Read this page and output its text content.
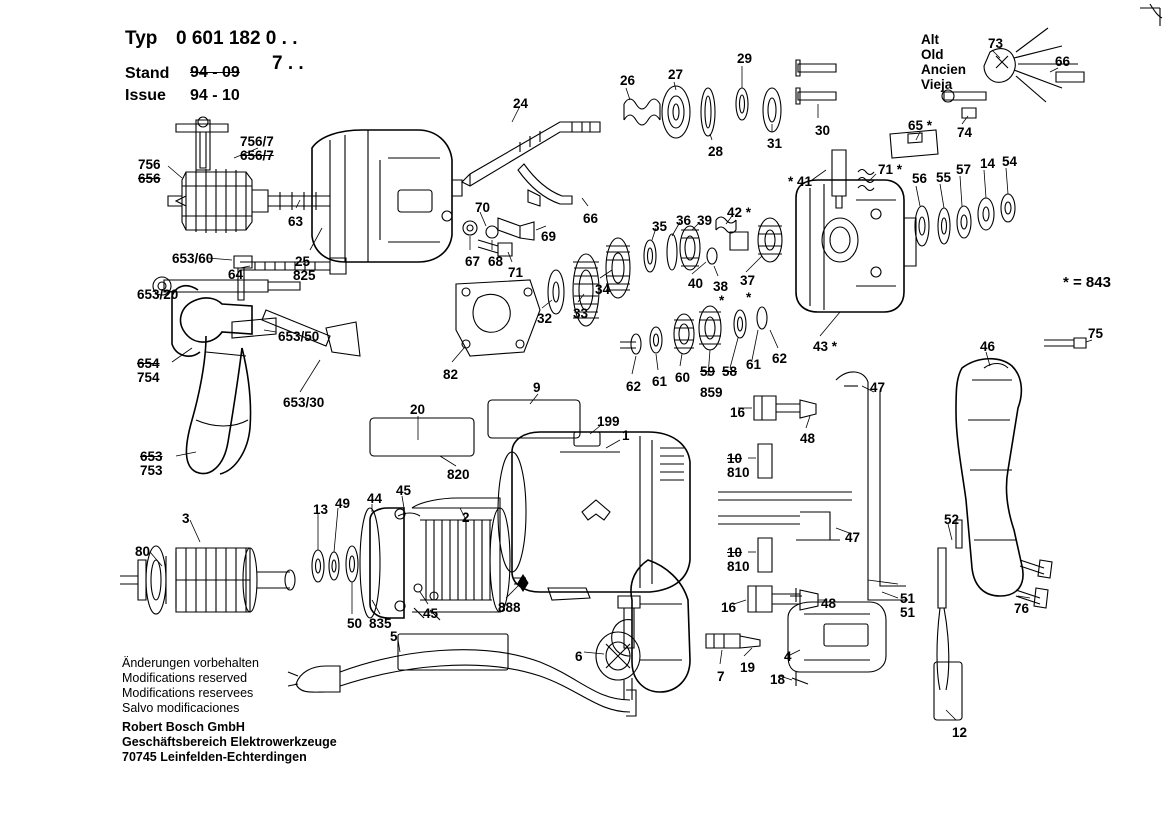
Typ 0 601 182 0 . .
7 . .
Stand 94 - 09
Issue 94 - 10
Alt
Old
Ancien
Vieja
* = 843
Änderungen vorbehalten
Modifications reserved
Modifications reservees
Salvo modificaciones
Robert Bosch GmbH
Geschäftsbereich Elektrowerkzeuge
70745 Leinfelden-Echterdingen
756
656
756/7
656/7
63
64
25
825
653/60
653/20
653/50
654
754
653/30
653
753
3
80
13 49 44
45
45
50 835
2
888
20
820
9
199
1
5
6
7
19
4
18
82
32 33
34
35 36 39
42 *
40 38
*
37
*
62 61 60 59
859
58 61 62
43 *
24
26 27
28
29
31
30
66
69
70
67 68
71
* 41
71 *
56 55
57 14 54
65 *
73
66
74
16
48
47
10
810
10
810
16	48
47
51
51
52
12
46
75
76
